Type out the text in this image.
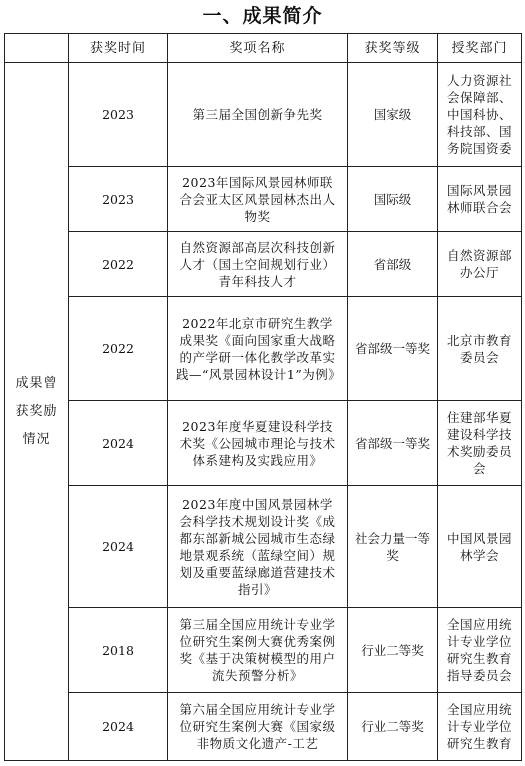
一、成果简介
	获奖时间	奖项名称	获奖等级	授奖部门
成果曾
获奖励
情况	2023	第三届全国创新争先奖	国家级	人力资源社会保障部、中国科协、科技部、国务院国资委
	2023	2023年国际风景园林师联合会亚太区风景园林杰出人物奖	国际级	国际风景园林师联合会
	2022	自然资源部高层次科技创新人才（国土空间规划行业）青年科技人才	省部级	自然资源部办公厅
	2022	2022年北京市研究生教学成果奖《面向国家重大战略的产学研一体化教学改革实践—“风景园林设计1”为例》	省部级一等奖	北京市教育委员会
	2024	2023年度华夏建设科学技术奖《公园城市理论与技术体系建构及实践应用》	省部级一等奖	住建部华夏建设科学技术奖励委员会
	2024	2023年度中国风景园林学会科学技术规划设计奖《成都东部新城公园城市生态绿地景观系统（蓝绿空间）规划及重要蓝绿廊道营建技术指引》	社会力量一等奖	中国风景园林学会
	2018	第三届全国应用统计专业学位研究生案例大赛优秀案例奖《基于决策树模型的用户流失预警分析》	行业二等奖	全国应用统计专业学位研究生教育指导委员会
	2024	第六届全国应用统计专业学位研究生案例大赛《国家级非物质文化遗产-工艺	行业二等奖	全国应用统计专业学位研究生教育
